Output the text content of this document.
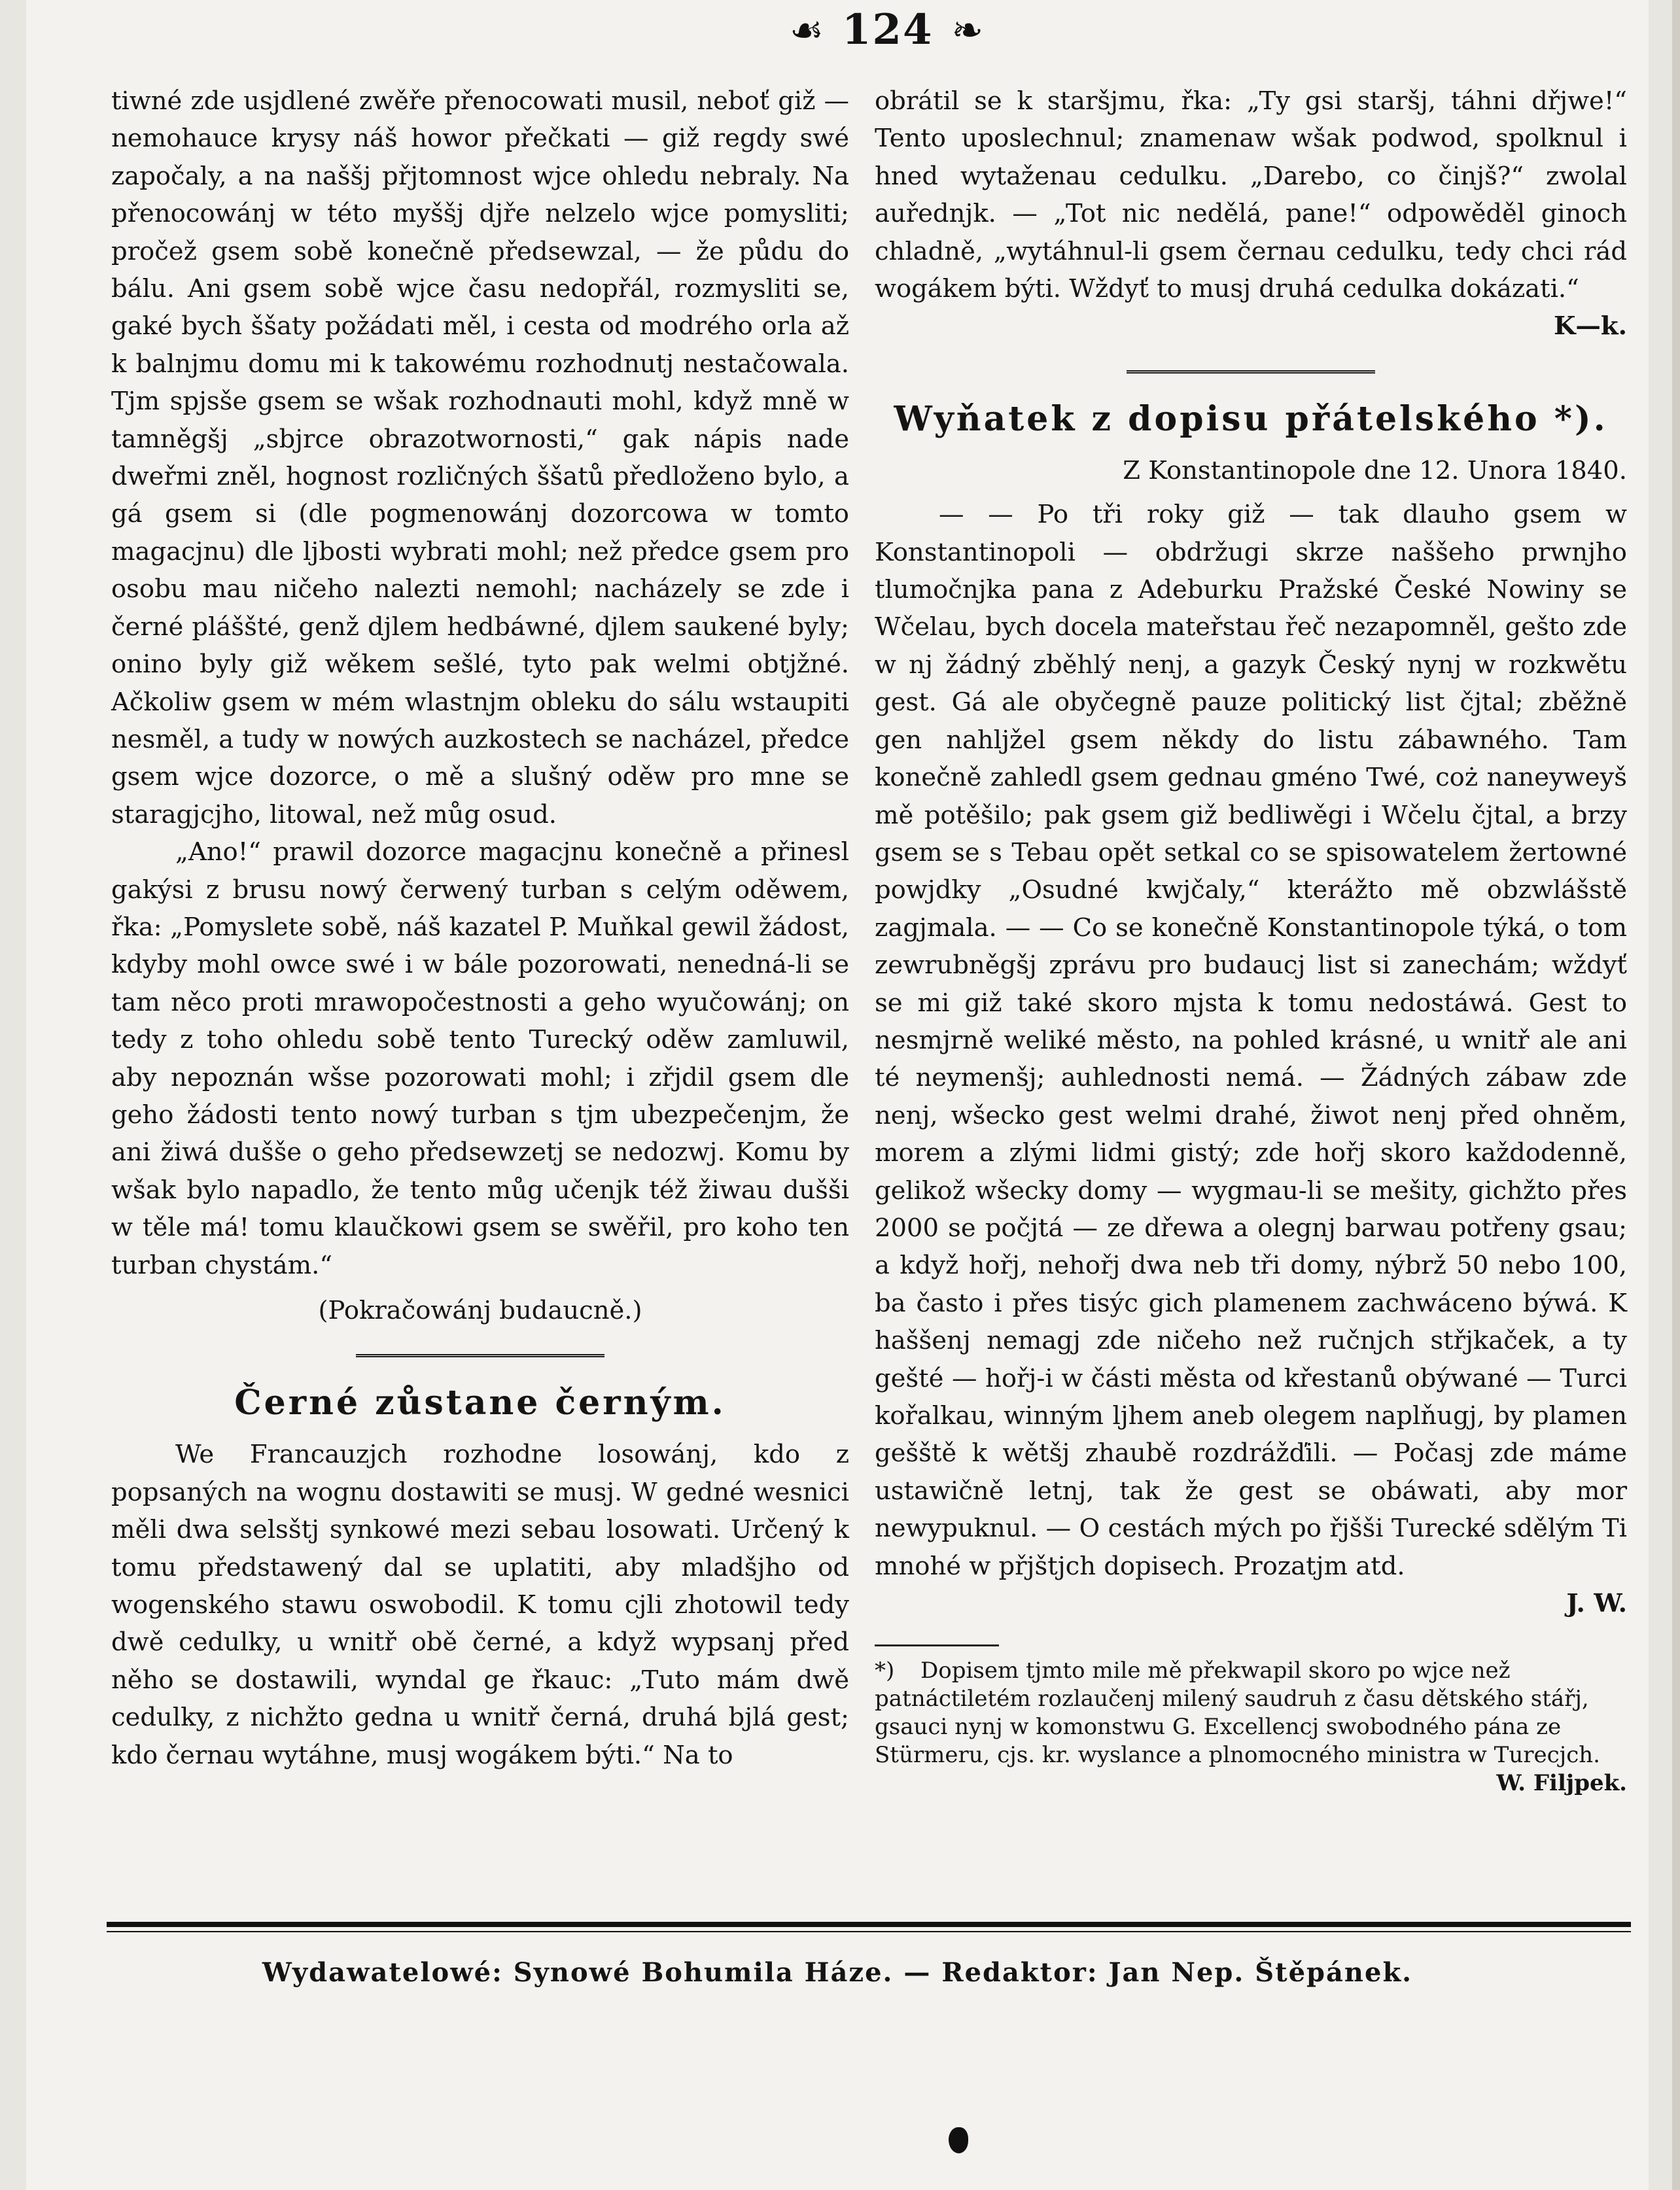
☙ 124 ❧

tiwné zde usjdlené zwěře přenocowati musil, neboť giž — nemohauce krysy náš howor přečkati — giž regdy swé započaly, a na naššj přjtomnost wjce ohledu nebraly. Na přenocowánj w této myššj djře nelzelo wjce pomysliti; pročež gsem sobě konečně předsewzal, — že půdu do bálu. Ani gsem sobě wjce času nedopřál, rozmysliti se, gaké bych ššaty požádati měl, i cesta od modrého orla až k balnjmu domu mi k takowému rozhodnutj nestačowala. Tjm spjsše gsem se wšak rozhodnauti mohl, když mně w tamněgšj „sbjrce obrazotwornosti,“ gak nápis nade dweřmi zněl, hognost rozličných ššatů předloženo bylo, a gá gsem si (dle pogmenowánj dozorcowa w tomto magacjnu) dle ljbosti wybrati mohl; než předce gsem pro osobu mau ničeho nalezti nemohl; nacházely se zde i černé pláššté, genž djlem hedbáwné, djlem saukené byly; onino byly giž wěkem sešlé, tyto pak welmi obtjžné. Ačkoliw gsem w mém wlastnjm obleku do sálu wstaupiti nesměl, a tudy w nowých auzkostech se nacházel, předce gsem wjce dozorce, o mě a slušný oděw pro mne se staragjcjho, litowal, než můg osud.

„Ano!“ prawil dozorce magacjnu konečně a přinesl gakýsi z brusu nowý čerwený turban s celým oděwem, řka: „Pomyslete sobě, náš kazatel P. Muňkal gewil žádost, kdyby mohl owce swé i w bále pozorowati, nenedná-li se tam něco proti mrawopočestnosti a geho wyučowánj; on tedy z toho ohledu sobě tento Turecký oděw zamluwil, aby nepoznán wšse pozorowati mohl; i zřjdil gsem dle geho žádosti tento nowý turban s tjm ubezpečenjm, že ani žiwá dušše o geho předsewzetj se nedozwj. Komu by wšak bylo napadlo, že tento můg učenjk též žiwau dušši w těle má! tomu klaučkowi gsem se swěřil, pro koho ten turban chystám.“

(Pokračowánj budaucně.)

Černé zůstane černým.

We Francauzjch rozhodne losowánj, kdo z popsaných na wognu dostawiti se musj. W gedné wesnici měli dwa selsštj synkowé mezi sebau losowati. Určený k tomu předstawený dal se uplatiti, aby mladšjho od wogenského stawu oswobodil. K tomu cjli zhotowil tedy dwě cedulky, u wnitř obě černé, a když wypsanj před něho se dostawili, wyndal ge řkauc: „Tuto mám dwě cedulky, z nichžto gedna u wnitř černá, druhá bjlá gest; kdo černau wytáhne, musj wogákem býti.“ Na to

obrátil se k staršjmu, řka: „Ty gsi staršj, táhni dřjwe!“ Tento uposlechnul; znamenaw wšak podwod, spolknul i hned wytaženau cedulku. „Darebo, co činjš?“ zwolal auřednjk. — „Tot nic nedělá, pane!“ odpowěděl ginoch chladně, „wytáhnul-li gsem černau cedulku, tedy chci rád wogákem býti. Wždyť to musj druhá cedulka dokázati.“

K—k.

Wyňatek z dopisu přátelského *).

Z Konstantinopole dne 12. Unora 1840.

— — Po tři roky giž — tak dlauho gsem w Konstantinopoli — obdržugi skrze naššeho prwnjho tlumočnjka pana z Adeburku Pražské České Nowiny se Wčelau, bych docela mateřstau řeč nezapomněl, gešto zde w nj žádný zběhlý nenj, a gazyk Český nynj w rozkwětu gest. Gá ale obyčegně pauze politický list čjtal; zběžně gen nahljžel gsem někdy do listu zábawného. Tam konečně zahledl gsem gednau gméno Twé, coż naneyweyš mě potěšilo; pak gsem giž bedliwěgi i Wčelu čjtal, a brzy gsem se s Tebau opět setkal co se spisowatelem žertowné powjdky „Osudné kwjčaly,“ kterážto mě obzwlášstě zagjmala. — — Co se konečně Konstantinopole týká, o tom zewrubněgšj zprávu pro budaucj list si zanechám; wždyť se mi giž také skoro mjsta k tomu nedostáwá. Gest to nesmjrně weliké město, na pohled krásné, u wnitř ale ani té neymenšj; auhlednosti nemá. — Žádných zábaw zde nenj, wšecko gest welmi drahé, žiwot nenj před ohněm, morem a zlými lidmi gistý; zde hořj skoro každodenně, gelikož wšecky domy — wygmau-li se mešity, gichžto přes 2000 se počjtá — ze dřewa a olegnj barwau potřeny gsau; a když hořj, nehořj dwa neb tři domy, nýbrž 50 nebo 100, ba často i přes tisýc gich plamenem zachwáceno býwá. K haššenj nemagj zde ničeho než ručnjch střjkaček, a ty gešté — hořj-i w části města od křestanů obýwané — Turci kořalkau, winným ljhem aneb olegem naplňugj, by plamen gešště k wětšj zhaubě rozdrážďili. — Počasj zde máme ustawičně letnj, tak že gest se obáwati, aby mor newypuknul. — O cestách mých po řjšši Turecké sdělým Ti mnohé w přjštjch dopisech. Prozatjm atd.

J. W.

*) Dopisem tjmto mile mě překwapil skoro po wjce než patnáctiletém rozlaučenj milený saudruh z času dětského stářj, gsauci nynj w komonstwu G. Excellencj swobodného pána ze Stürmeru, cjs. kr. wyslance a plnomocného ministra w Turecjch.

W. Filjpek.

Wydawatelowé: Synowé Bohumila Háze. — Redaktor: Jan Nep. Štěpánek.
